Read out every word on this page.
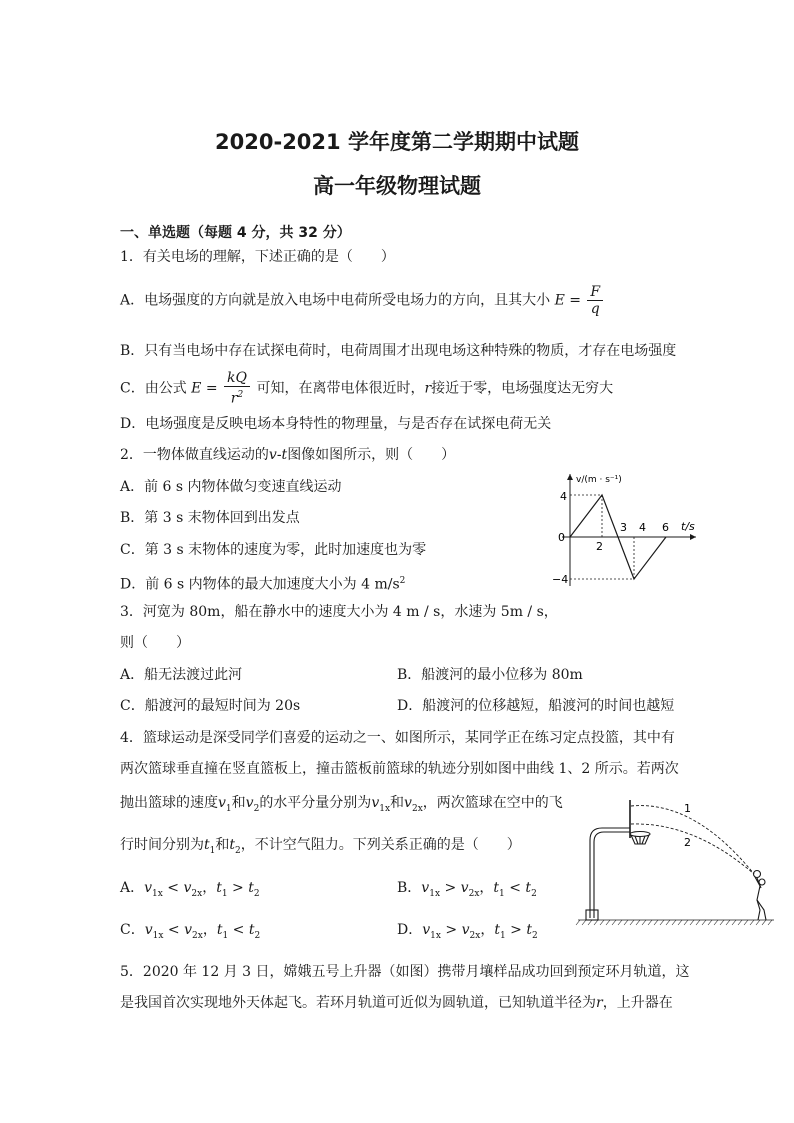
2020-2021 学年度第二学期期中试题
高一年级物理试题
一、单选题（每题 4 分，共 32 分）
1．有关电场的理解，下述正确的是（　　）
A．电场强度的方向就是放入电场中电荷所受电场力的方向，且其大小 $E = \frac{F}{q}$
B．只有当电场中存在试探电荷时，电荷周围才出现电场这种特殊的物质，才存在电场强度
C．由公式 $E = \frac{kQ}{r^2}$ 可知，在离带电体很近时，r接近于零，电场强度达无穷大
D．电场强度是反映电场本身特性的物理量，与是否存在试探电荷无关
2．一物体做直线运动的v-t图像如图所示，则（　　）
A．前 6 s 内物体做匀变速直线运动
B．第 3 s 末物体回到出发点
C．第 3 s 末物体的速度为零，此时加速度也为零
D．前 6 s 内物体的最大加速度大小为 4 $m/s^2$
v/(m · s⁻¹)
t/s
0
4
−4
2
3 4 6
3．河宽为 80m，船在静水中的速度大小为 4 m / s，水速为 5m / s，
则（　　）
A．船无法渡过此河	B．船渡河的最小位移为 80m
C．船渡河的最短时间为 20s	D．船渡河的位移越短，船渡河的时间也越短
4．篮球运动是深受同学们喜爱的运动之一、如图所示，某同学正在练习定点投篮，其中有
两次篮球垂直撞在竖直篮板上，撞击篮板前篮球的轨迹分别如图中曲线 1、2 所示。若两次
抛出篮球的速度$v_1$和$v_2$的水平分量分别为$v_{1x}$和$v_{2x}$，两次篮球在空中的飞
行时间分别为$t_1$和$t_2$，不计空气阻力。下列关系正确的是（　　）
A．$v_{1x} < v_{2x}$，$t_1 > t_2$	B．$v_{1x} > v_{2x}$，$t_1 < t_2$
C．$v_{1x} < v_{2x}$，$t_1 < t_2$	D．$v_{1x} > v_{2x}$，$t_1 > t_2$
1
2
5．2020 年 12 月 3 日，嫦娥五号上升器（如图）携带月壤样品成功回到预定环月轨道，这
是我国首次实现地外天体起飞。若环月轨道可近似为圆轨道，已知轨道半径为r，上升器在
